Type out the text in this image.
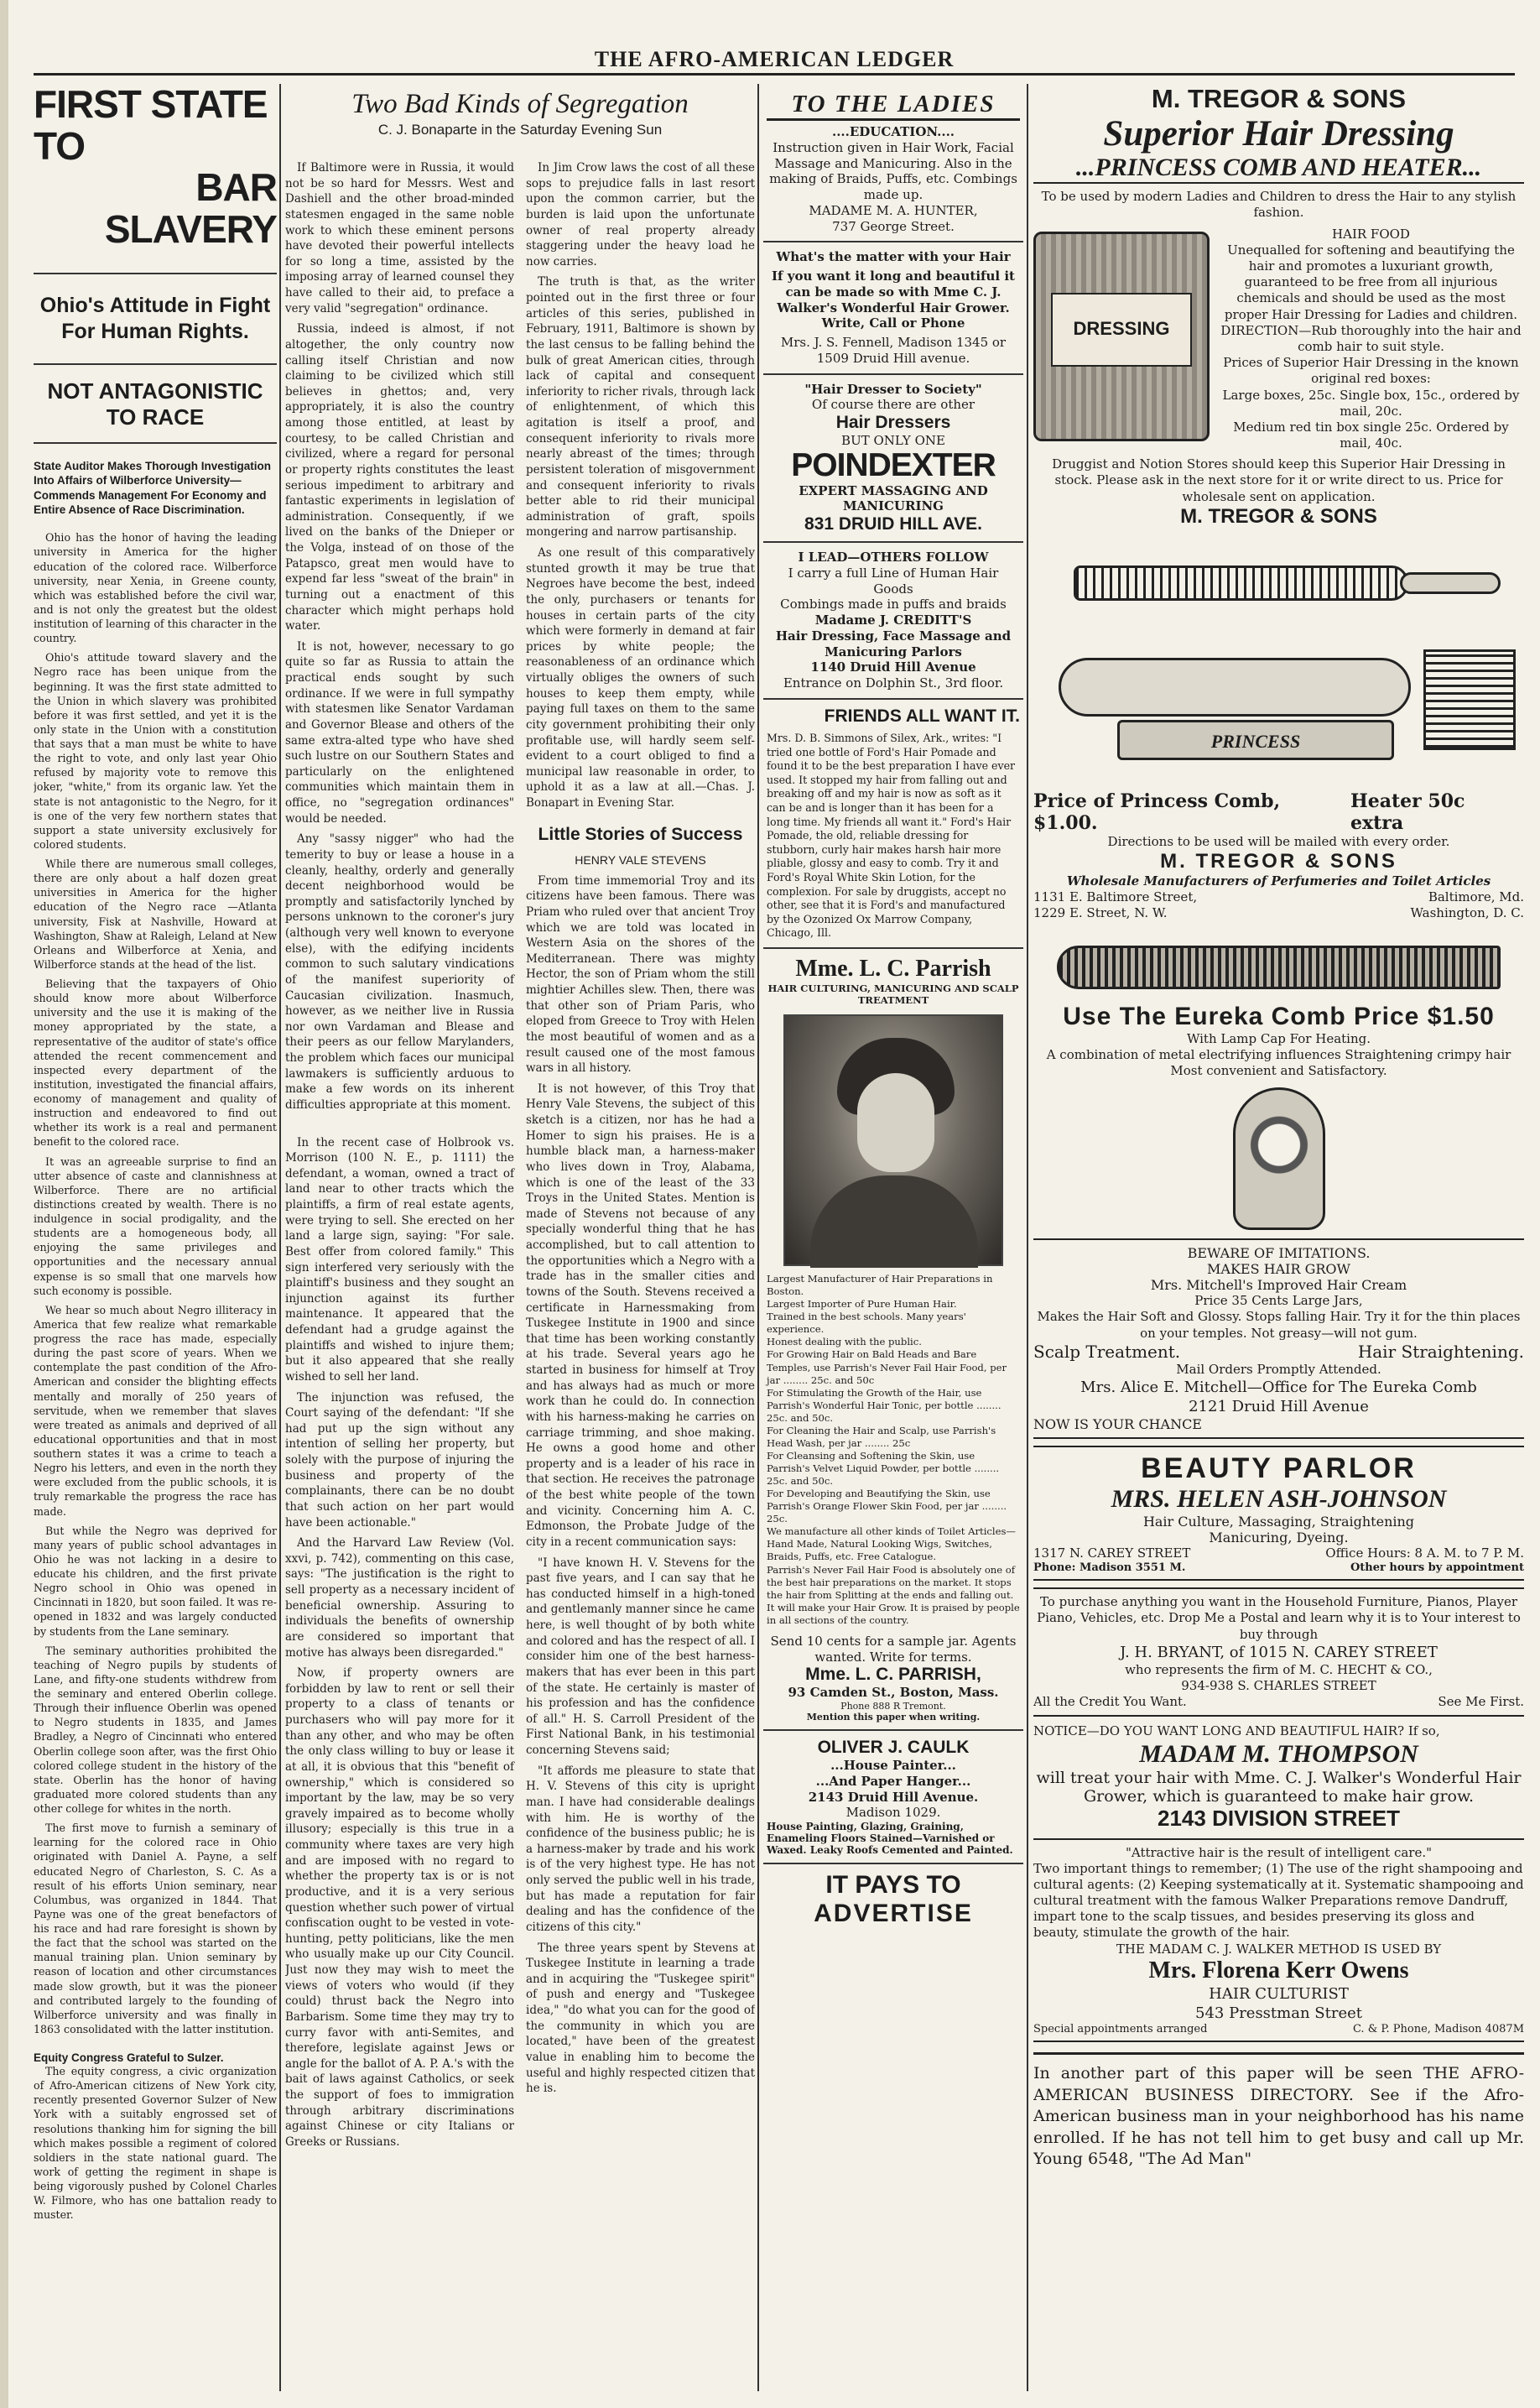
THE AFRO-AMERICAN LEDGER
FIRST STATE TO
BAR SLAVERY
Ohio's Attitude in Fight For Human Rights.
NOT ANTAGONISTIC TO RACE
State Auditor Makes Thorough Investigation Into Affairs of Wilberforce University—Commends Management For Economy and Entire Absence of Race Discrimination.

Ohio has the honor of having the leading university in America for the higher education of the colored race. Wilberforce university, near Xenia, in Greene county, which was established before the civil war, and is not only the greatest but the oldest institution of learning of this character in the country.

Ohio's attitude toward slavery and the Negro race has been unique from the beginning. It was the first state admitted to the Union in which slavery was prohibited before it was first settled, and yet it is the only state in the Union with a constitution that says that a man must be white to have the right to vote, and only last year Ohio refused by majority vote to remove this joker, "white," from its organic law. Yet the state is not antagonistic to the Negro, for it is one of the very few northern states that support a state university exclusively for colored students.

While there are numerous small colleges, there are only about a half dozen great universities in America for the higher education of the Negro race —Atlanta university, Fisk at Nashville, Howard at Washington, Shaw at Raleigh, Leland at New Orleans and Wilberforce at Xenia, and Wilberforce stands at the head of the list.

Believing that the taxpayers of Ohio should know more about Wilberforce university and the use it is making of the money appropriated by the state, a representative of the auditor of state's office attended the recent commencement and inspected every department of the institution, investigated the financial affairs, economy of management and quality of instruction and endeavored to find out whether its work is a real and permanent benefit to the colored race.

It was an agreeable surprise to find an utter absence of caste and clannishness at Wilberforce. There are no artificial distinctions created by wealth. There is no indulgence in social prodigality, and the students are a homogeneous body, all enjoying the same privileges and opportunities and the necessary annual expense is so small that one marvels how such economy is possible.

We hear so much about Negro illiteracy in America that few realize what remarkable progress the race has made, especially during the past score of years. When we contemplate the past condition of the Afro-American and consider the blighting effects mentally and morally of 250 years of servitude, when we remember that slaves were treated as animals and deprived of all educational opportunities and that in most southern states it was a crime to teach a Negro his letters, and even in the north they were excluded from the public schools, it is truly remarkable the progress the race has made.

But while the Negro was deprived for many years of public school advantages in Ohio he was not lacking in a desire to educate his children, and the first private Negro school in Ohio was opened in Cincinnati in 1820, but soon failed. It was re-opened in 1832 and was largely conducted by students from the Lane seminary.

The seminary authorities prohibited the teaching of Negro pupils by students of Lane, and fifty-one students withdrew from the seminary and entered Oberlin college. Through their influence Oberlin was opened to Negro students in 1835, and James Bradley, a Negro of Cincinnati who entered Oberlin college soon after, was the first Ohio colored college student in the history of the state. Oberlin has the honor of having graduated more colored students than any other college for whites in the north.

The first move to furnish a seminary of learning for the colored race in Ohio originated with Daniel A. Payne, a self educated Negro of Charleston, S. C. As a result of his efforts Union seminary, near Columbus, was organized in 1844. That Payne was one of the great benefactors of his race and had rare foresight is shown by the fact that the school was started on the manual training plan. Union seminary by reason of location and other circumstances made slow growth, but it was the pioneer and contributed largely to the founding of Wilberforce university and was finally in 1863 consolidated with the latter institution.

Equity Congress Grateful to Sulzer.

The equity congress, a civic organization of Afro-American citizens of New York city, recently presented Governor Sulzer of New York with a suitably engrossed set of resolutions thanking him for signing the bill which makes possible a regiment of colored soldiers in the state national guard. The work of getting the regiment in shape is being vigorously pushed by Colonel Charles W. Filmore, who has one battalion ready to muster.

Two Bad Kinds of Segregation
C. J. Bonaparte in the Saturday Evening Sun

If Baltimore were in Russia, it would not be so hard for Messrs. West and Dashiell and the other broad-minded statesmen engaged in the same noble work to which these eminent persons have devoted their powerful intellects for so long a time, assisted by the imposing array of learned counsel they have called to their aid, to preface a very valid "segregation" ordinance.

Russia, indeed is almost, if not altogether, the only country now calling itself Christian and now claiming to be civilized which still believes in ghettos; and, very appropriately, it is also the country among those entitled, at least by courtesy, to be called Christian and civilized, where a regard for personal or property rights constitutes the least serious impediment to arbitrary and fantastic experiments in legislation of administration. Consequently, if we lived on the banks of the Dnieper or the Volga, instead of on those of the Patapsco, great men would have to expend far less "sweat of the brain" in turning out a enactment of this character which might perhaps hold water.

It is not, however, necessary to go quite so far as Russia to attain the practical ends sought by such ordinance. If we were in full sympathy with statesmen like Senator Vardaman and Governor Blease and others of the same extra-alted type who have shed such lustre on our Southern States and particularly on the enlightened communities which maintain them in office, no "segregation ordinances" would be needed.

Any "sassy nigger" who had the temerity to buy or lease a house in a cleanly, healthy, orderly and generally decent neighborhood would be promptly and satisfactorily lynched by persons unknown to the coroner's jury (although very well known to everyone else), with the edifying incidents common to such salutary vindications of the manifest superiority of Caucasian civilization. Inasmuch, however, as we neither live in Russia nor own Vardaman and Blease and their peers as our fellow Marylanders, the problem which faces our municipal lawmakers is sufficiently arduous to make a few words on its inherent difficulties appropriate at this moment.

In the recent case of Holbrook vs. Morrison (100 N. E., p. 1111) the defendant, a woman, owned a tract of land near to other tracts which the plaintiffs, a firm of real estate agents, were trying to sell. She erected on her land a large sign, saying: "For sale. Best offer from colored family." This sign interfered very seriously with the plaintiff's business and they sought an injunction against its further maintenance. It appeared that the defendant had a grudge against the plaintiffs and wished to injure them; but it also appeared that she really wished to sell her land.

The injunction was refused, the Court saying of the defendant: "If she had put up the sign without any intention of selling her property, but solely with the purpose of injuring the business and property of the complainants, there can be no doubt that such action on her part would have been actionable."

And the Harvard Law Review (Vol. xxvi, p. 742), commenting on this case, says: "The justification is the right to sell property as a necessary incident of beneficial ownership. Assuring to individuals the benefits of ownership are considered so important that motive has always been disregarded."

Now, if property owners are forbidden by law to rent or sell their property to a class of tenants or purchasers who will pay more for it than any other, and who may be often the only class willing to buy or lease it at all, it is obvious that this "benefit of ownership," which is considered so important by the law, may be so very gravely impaired as to become wholly illusory; especially is this true in a community where taxes are very high and are imposed with no regard to whether the property tax is or is not productive, and it is a very serious question whether such power of virtual confiscation ought to be vested in vote-hunting, petty politicians, like the men who usually make up our City Council. Just now they may wish to meet the views of voters who would (if they could) thrust back the Negro into Barbarism. Some time they may try to curry favor with anti-Semites, and therefore, legislate against Jews or angle for the ballot of A. P. A.'s with the bait of laws against Catholics, or seek the support of foes to immigration through arbitrary discriminations against Chinese or city Italians or Greeks or Russians.

In Jim Crow laws the cost of all these sops to prejudice falls in last resort upon the common carrier, but the burden is laid upon the unfortunate owner of real property already staggering under the heavy load he now carries.

The truth is that, as the writer pointed out in the first three or four articles of this series, published in February, 1911, Baltimore is shown by the last census to be falling behind the bulk of great American cities, through lack of capital and consequent inferiority to richer rivals, through lack of enlightenment, of which this agitation is itself a proof, and consequent inferiority to rivals more nearly abreast of the times; through persistent toleration of misgovernment and consequent inferiority to rivals better able to rid their municipal administration of graft, spoils mongering and narrow partisanship.

As one result of this comparatively stunted growth it may be true that Negroes have become the best, indeed the only, purchasers or tenants for houses in certain parts of the city which were formerly in demand at fair prices by white people; the reasonableness of an ordinance which virtually obliges the owners of such houses to keep them empty, while paying full taxes on them to the same city government prohibiting their only profitable use, will hardly seem self-evident to a court obliged to find a municipal law reasonable in order, to uphold it as a law at all.—Chas. J. Bonapart in Evening Star.

Little Stories of Success
HENRY VALE STEVENS

From time immemorial Troy and its citizens have been famous. There was Priam who ruled over that ancient Troy which we are told was located in Western Asia on the shores of the Mediterranean. There was mighty Hector, the son of Priam whom the still mightier Achilles slew. Then, there was that other son of Priam Paris, who eloped from Greece to Troy with Helen the most beautiful of women and as a result caused one of the most famous wars in all history.

It is not however, of this Troy that Henry Vale Stevens, the subject of this sketch is a citizen, nor has he had a Homer to sign his praises. He is a humble black man, a harness-maker who lives down in Troy, Alabama, which is one of the least of the 33 Troys in the United States. Mention is made of Stevens not because of any specially wonderful thing that he has accomplished, but to call attention to the opportunities which a Negro with a trade has in the smaller cities and towns of the South. Stevens received a certificate in Harnessmaking from Tuskegee Institute in 1900 and since that time has been working constantly at his trade. Several years ago he started in business for himself at Troy and has always had as much or more work than he could do. In connection with his harness-making he carries on carriage trimming, and shoe making. He owns a good home and other property and is a leader of his race in that section. He receives the patronage of the best white people of the town and vicinity. Concerning him A. C. Edmonson, the Probate Judge of the city in a recent communication says:

"I have known H. V. Stevens for the past five years, and I can say that he has conducted himself in a high-toned and gentlemanly manner since he came here, is well thought of by both white and colored and has the respect of all. I consider him one of the best harness-makers that has ever been in this part of the state. He certainly is master of his profession and has the confidence of all." H. S. Carroll President of the First National Bank, in his testimonial concerning Stevens said;

"It affords me pleasure to state that H. V. Stevens of this city is upright man. I have had considerable dealings with him. He is worthy of the confidence of the business public; he is a harness-maker by trade and his work is of the very highest type. He has not only served the public well in his trade, but has made a reputation for fair dealing and has the confidence of the citizens of this city."

The three years spent by Stevens at Tuskegee Institute in learning a trade and in acquiring the "Tuskegee spirit" of push and energy and "Tuskegee idea," "do what you can for the good of the community in which you are located," have been of the greatest value in enabling him to become the useful and highly respected citizen that he is.

TO THE LADIES
....EDUCATION....
Instruction given in Hair Work, Facial Massage and Manicuring. Also in the making of Braids, Puffs, etc. Combings made up.
MADAME M. A. HUNTER,
737 George Street.
What's the matter with your Hair
If you want it long and beautiful it can be made so with Mme C. J. Walker's Wonderful Hair Grower. Write, Call or Phone
Mrs. J. S. Fennell, Madison 1345 or 1509 Druid Hill avenue.
"Hair Dresser to Society"
Of course there are other
Hair Dressers
BUT ONLY ONE
POINDEXTER
EXPERT MASSAGING AND MANICURING
831 DRUID HILL AVE.
I LEAD—OTHERS FOLLOW
I carry a full Line of Human Hair Goods
Combings made in puffs and braids
Madame J. CREDITT'S
Hair Dressing, Face Massage and Manicuring Parlors
1140 Druid Hill Avenue
Entrance on Dolphin St., 3rd floor.
FRIENDS ALL WANT IT.
Mrs. D. B. Simmons of Silex, Ark., writes: "I tried one bottle of Ford's Hair Pomade and found it to be the best preparation I have ever used. It stopped my hair from falling out and breaking off and my hair is now as soft as it can be and is longer than it has been for a long time. My friends all want it." Ford's Hair Pomade, the old, reliable dressing for stubborn, curly hair makes harsh hair more pliable, glossy and easy to comb. Try it and Ford's Royal White Skin Lotion, for the complexion. For sale by druggists, accept no other, see that it is Ford's and manufactured by the Ozonized Ox Marrow Company, Chicago, Ill.
Mme. L. C. Parrish
HAIR CULTURING, MANICURING AND SCALP TREATMENT
Largest Manufacturer of Hair Preparations in Boston.
Largest Importer of Pure Human Hair.
Trained in the best schools. Many years' experience.
Honest dealing with the public.
For Growing Hair on Bald Heads and Bare Temples, use Parrish's Never Fail Hair Food, per jar ........ 25c. and 50c
For Stimulating the Growth of the Hair, use Parrish's Wonderful Hair Tonic, per bottle ........ 25c. and 50c.
For Cleaning the Hair and Scalp, use Parrish's Head Wash, per jar ........ 25c
For Cleansing and Softening the Skin, use Parrish's Velvet Liquid Powder, per bottle ........ 25c. and 50c.
For Developing and Beautifying the Skin, use Parrish's Orange Flower Skin Food, per jar ........ 25c.
We manufacture all other kinds of Toilet Articles—Hand Made, Natural Looking Wigs, Switches, Braids, Puffs, etc. Free Catalogue.
Parrish's Never Fail Hair Food is absolutely one of the best hair preparations on the market. It stops the hair from Splitting at the ends and falling out. It will make your Hair Grow. It is praised by people in all sections of the country.
Send 10 cents for a sample jar. Agents wanted. Write for terms.
Mme. L. C. PARRISH,
93 Camden St., Boston, Mass.
Phone 888 R Tremont.
Mention this paper when writing.
OLIVER J. CAULK
...House Painter...
...And Paper Hanger...
2143 Druid Hill Avenue.
Madison 1029.
House Painting, Glazing, Graining, Enameling Floors Stained—Varnished or Waxed. Leaky Roofs Cemented and Painted.
IT PAYS TO
ADVERTISE
M. TREGOR & SONS
Superior Hair Dressing
...PRINCESS COMB AND HEATER...
To be used by modern Ladies and Children to dress the Hair to any stylish fashion.
DRESSING
HAIR FOOD
Unequalled for softening and beautifying the hair and promotes a luxuriant growth, guaranteed to be free from all injurious chemicals and should be used as the most proper Hair Dressing for Ladies and children.
DIRECTION—Rub thoroughly into the hair and comb hair to suit style.
Prices of Superior Hair Dressing in the known original red boxes:
Large boxes, 25c. Single box, 15c., ordered by mail, 20c.
Medium red tin box single 25c. Ordered by mail, 40c.
Druggist and Notion Stores should keep this Superior Hair Dressing in stock. Please ask in the next store for it or write direct to us. Price for wholesale sent on application.
M. TREGOR & SONS
PRINCESS
Price of Princess Comb, $1.00.
Heater 50c extra
Directions to be used will be mailed with every order.
M. TREGOR & SONS
Wholesale Manufacturers of Perfumeries and Toilet Articles
1131 E. Baltimore Street,	Baltimore, Md.
1229 E. Street, N. W.	Washington, D. C.
Use The Eureka Comb Price $1.50
With Lamp Cap For Heating.
A combination of metal electrifying influences Straightening crimpy hair Most convenient and Satisfactory.
BEWARE OF IMITATIONS.
MAKES HAIR GROW
Mrs. Mitchell's Improved Hair Cream
Price 35 Cents Large Jars,
Makes the Hair Soft and Glossy. Stops falling Hair. Try it for the thin places on your temples. Not greasy—will not gum.
Scalp Treatment.	Hair Straightening.
Mail Orders Promptly Attended.
Mrs. Alice E. Mitchell—Office for The Eureka Comb
2121 Druid Hill Avenue
NOW IS YOUR CHANCE
BEAUTY PARLOR
MRS. HELEN ASH-JOHNSON
Hair Culture, Massaging, Straightening
Manicuring, Dyeing.
1317 N. CAREY STREET	Office Hours: 8 A. M. to 7 P. M.
Phone: Madison 3551 M.	Other hours by appointment
To purchase anything you want in the Household Furniture, Pianos, Player Piano, Vehicles, etc. Drop Me a Postal and learn why it is to Your interest to buy through
J. H. BRYANT, of 1015 N. CAREY STREET
who represents the firm of M. C. HECHT & CO.,
934-938 S. CHARLES STREET
All the Credit You Want.	See Me First.
NOTICE—DO YOU WANT LONG AND BEAUTIFUL HAIR? If so,
MADAM M. THOMPSON
will treat your hair with Mme. C. J. Walker's Wonderful Hair Grower, which is guaranteed to make hair grow.
2143 DIVISION STREET
"Attractive hair is the result of intelligent care."
Two important things to remember; (1) The use of the right shampooing and cultural agents: (2) Keeping systematically at it. Systematic shampooing and cultural treatment with the famous Walker Preparations remove Dandruff, impart tone to the scalp tissues, and besides preserving its gloss and beauty, stimulate the growth of the hair.
THE MADAM C. J. WALKER METHOD IS USED BY
Mrs. Florena Kerr Owens
HAIR CULTURIST
543 Presstman Street
Special appointments arranged	C. & P. Phone, Madison 4087M
In another part of this paper will be seen THE AFRO-AMERICAN BUSINESS DIRECTORY. See if the Afro-American business man in your neighborhood has his name enrolled. If he has not tell him to get busy and call up Mr. Young 6548, "The Ad Man"
